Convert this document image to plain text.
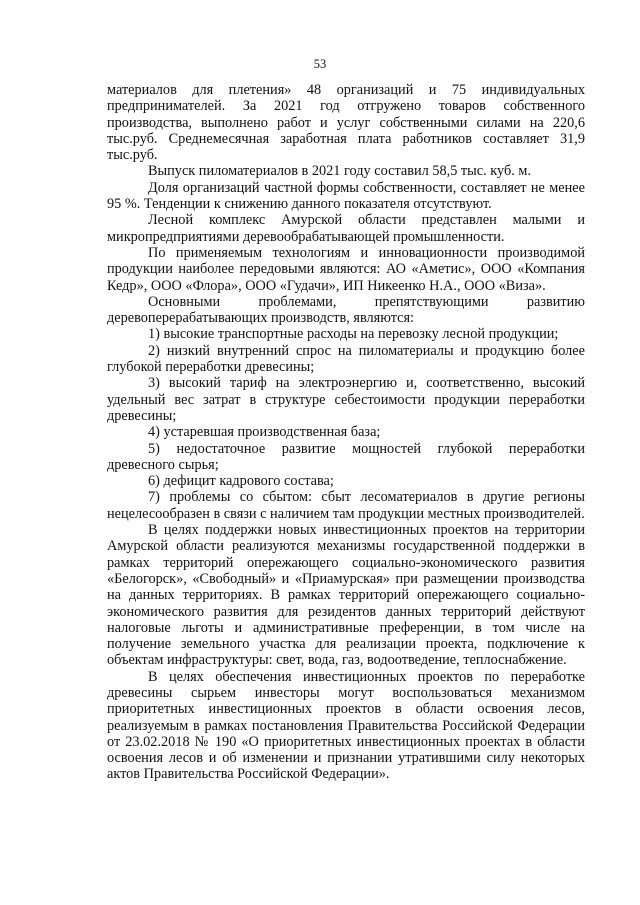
53

материалов для плетения» 48 организаций и 75 индивидуальных предпринимателей. За 2021 год отгружено товаров собственного производства, выполнено работ и услуг собственными силами на 220,6 тыс.руб. Среднемесячная заработная плата работников составляет 31,9 тыс.руб.

Выпуск пиломатериалов в 2021 году составил 58,5 тыс. куб. м.

Доля организаций частной формы собственности, составляет не менее 95 %. Тенденции к снижению данного показателя отсутствуют.

Лесной комплекс Амурской области представлен малыми и микропредприятиями деревообрабатывающей промышленности.

По применяемым технологиям и инновационности производимой продукции наиболее передовыми являются: АО «Аметис», ООО «Компания Кедр», ООО «Флора», ООО «Гудачи», ИП Никеенко Н.А., ООО «Виза».

Основными проблемами, препятствующими развитию деревоперерабатывающих производств, являются:

1) высокие транспортные расходы на перевозку лесной продукции;

2) низкий внутренний спрос на пиломатериалы и продукцию более глубокой переработки древесины;

3) высокий тариф на электроэнергию и, соответственно, высокий удельный вес затрат в структуре себестоимости продукции переработки древесины;

4) устаревшая производственная база;

5) недостаточное развитие мощностей глубокой переработки древесного сырья;

6) дефицит кадрового состава;

7) проблемы со сбытом: сбыт лесоматериалов в другие регионы нецелесообразен в связи с наличием там продукции местных производителей.

В целях поддержки новых инвестиционных проектов на территории Амурской области реализуются механизмы государственной поддержки в рамках территорий опережающего социально-экономического развития «Белогорск», «Свободный» и «Приамурская» при размещении производства на данных территориях. В рамках территорий опережающего социально-экономического развития для резидентов данных территорий действуют налоговые льготы и административные преференции, в том числе на получение земельного участка для реализации проекта, подключение к объектам инфраструктуры: свет, вода, газ, водоотведение, теплоснабжение.

В целях обеспечения инвестиционных проектов по переработке древесины сырьем инвесторы могут воспользоваться механизмом приоритетных инвестиционных проектов в области освоения лесов, реализуемым в рамках постановления Правительства Российской Федерации от 23.02.2018 № 190 «О приоритетных инвестиционных проектах в области освоения лесов и об изменении и признании утратившими силу некоторых актов Правительства Российской Федерации».
